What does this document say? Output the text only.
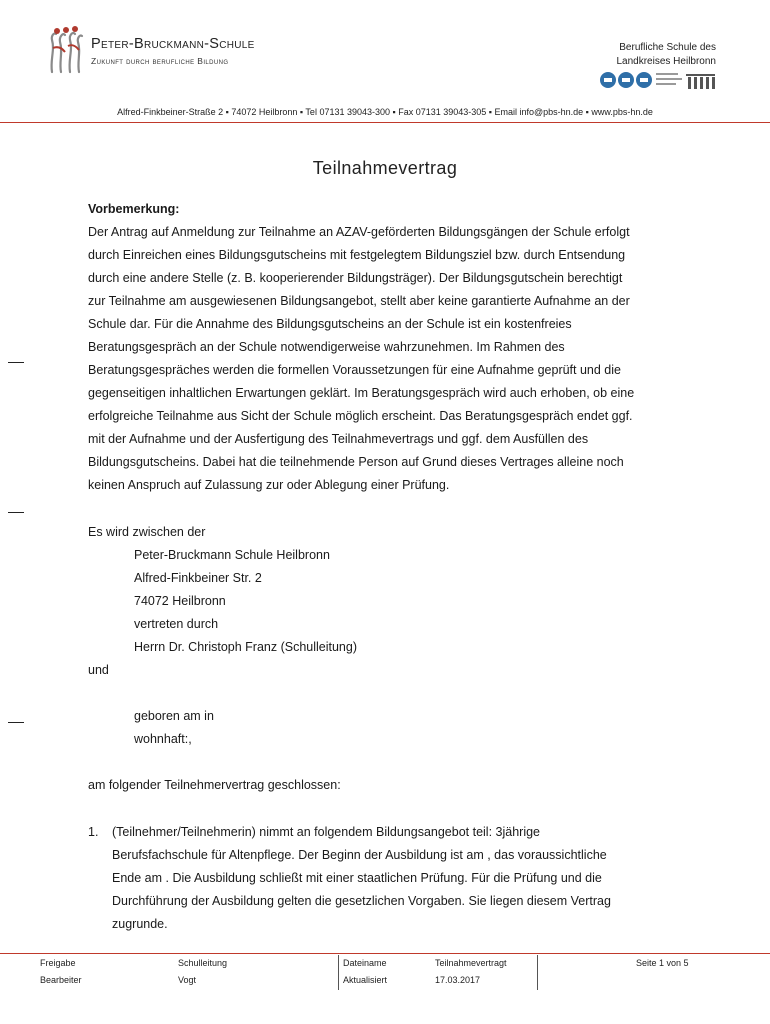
Peter-Bruckmann-Schule
Zukunft durch berufliche Bildung
Berufliche Schule des
Landkreises Heilbronn
Alfred-Finkbeiner-Straße 2 ▪ 74072 Heilbronn ▪ Tel 07131 39043-300 ▪ Fax 07131 39043-305 ▪ Email info@pbs-hn.de ▪ www.pbs-hn.de
Teilnahmevertrag
Vorbemerkung:
Der Antrag auf Anmeldung zur Teilnahme an AZAV-geförderten Bildungsgängen der Schule erfolgt
durch Einreichen eines Bildungsgutscheins mit festgelegtem Bildungsziel bzw. durch Entsendung
durch eine andere Stelle (z. B. kooperierender Bildungsträger). Der Bildungsgutschein berechtigt
zur Teilnahme am ausgewiesenen Bildungsangebot, stellt aber keine garantierte Aufnahme an der
Schule dar. Für die Annahme des Bildungsgutscheins an der Schule ist ein kostenfreies
Beratungsgespräch an der Schule notwendigerweise wahrzunehmen. Im Rahmen des
Beratungsgespräches werden die formellen Voraussetzungen für eine Aufnahme geprüft und die
gegenseitigen inhaltlichen Erwartungen geklärt. Im Beratungsgespräch wird auch erhoben, ob eine
erfolgreiche Teilnahme aus Sicht der Schule möglich erscheint. Das Beratungsgespräch endet ggf.
mit der Aufnahme und der Ausfertigung des Teilnahmevertrags und ggf. dem Ausfüllen des
Bildungsgutscheins. Dabei hat die teilnehmende Person auf Grund dieses Vertrages alleine noch
keinen Anspruch auf Zulassung zur oder Ablegung einer Prüfung.
Es wird zwischen der
Peter-Bruckmann Schule Heilbronn
Alfred-Finkbeiner Str. 2
74072 Heilbronn
vertreten durch
Herrn Dr. Christoph Franz (Schulleitung)
und
geboren am in
wohnhaft:,
am folgender Teilnehmervertrag geschlossen:
1. (Teilnehmer/Teilnehmerin) nimmt an folgendem Bildungsangebot teil: 3jährige
Berufsfachschule für Altenpflege. Der Beginn der Ausbildung ist am , das voraussichtliche
Ende am . Die Ausbildung schließt mit einer staatlichen Prüfung. Für die Prüfung und die
Durchführung der Ausbildung gelten die gesetzlichen Vorgaben. Sie liegen diesem Vertrag
zugrunde.
Freigabe	Schulleitung
Bearbeiter	Vogt
Dateiname	Teilnahmevertragt
Aktualisiert	17.03.2017
Seite 1 von 5
